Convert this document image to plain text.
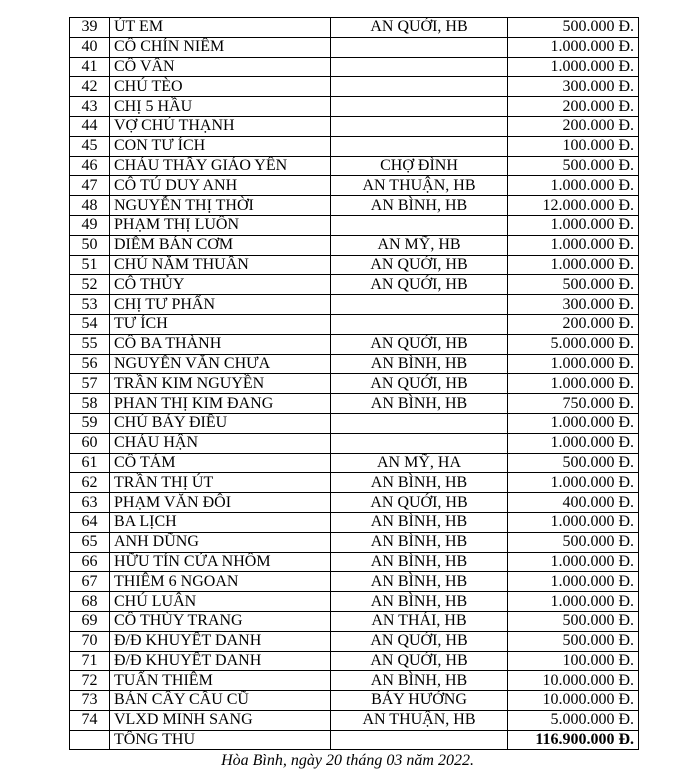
39	ÚT EM	AN QUỚI, HB	500.000 Đ.
40	CÔ CHÍN NIÊM		1.000.000 Đ.
41	CÔ VÂN		1.000.000 Đ.
42	CHÚ TÈO		300.000 Đ.
43	CHỊ 5 HẦU		200.000 Đ.
44	VỢ CHÚ THẠNH		200.000 Đ.
45	CON TƯ ÍCH		100.000 Đ.
46	CHÁU THẦY GIÁO YÊN	CHỢ ĐÌNH	500.000 Đ.
47	CÔ TÚ DUY ANH	AN THUẬN, HB	1.000.000 Đ.
48	NGUYỄN THỊ THỜI	AN BÌNH, HB	12.000.000 Đ.
49	PHẠM THỊ LUÔN		1.000.000 Đ.
50	DIỄM BÁN CƠM	AN MỸ, HB	1.000.000 Đ.
51	CHÚ NĂM THUẦN	AN QUỚI, HB	1.000.000 Đ.
52	CÔ THỦY	AN QUỚI, HB	500.000 Đ.
53	CHỊ TƯ PHẤN		300.000 Đ.
54	TƯ ÍCH		200.000 Đ.
55	CÔ BA THÀNH	AN QUỚI, HB	5.000.000 Đ.
56	NGUYỄN VĂN CHƯA	AN BÌNH, HB	1.000.000 Đ.
57	TRẦN KIM NGUYỀN	AN QUỚI, HB	1.000.000 Đ.
58	PHAN THỊ KIM ĐANG	AN BÌNH, HB	750.000 Đ.
59	CHÚ BẢY ĐIỀU		1.000.000 Đ.
60	CHÁU HẬN		1.000.000 Đ.
61	CÔ TÁM	AN MỸ, HA	500.000 Đ.
62	TRẦN THỊ ÚT	AN BÌNH, HB	1.000.000 Đ.
63	PHẠM VĂN ĐÔI	AN QUỚI, HB	400.000 Đ.
64	BA LỊCH	AN BÌNH, HB	1.000.000 Đ.
65	ANH DŨNG	AN BÌNH, HB	500.000 Đ.
66	HỮU TÍN CỬA NHÔM	AN BÌNH, HB	1.000.000 Đ.
67	THIÊM 6 NGOAN	AN BÌNH, HB	1.000.000 Đ.
68	CHÚ LUÂN	AN BÌNH, HB	1.000.000 Đ.
69	CÔ THÙY TRANG	AN THÁI, HB	500.000 Đ.
70	Đ/Đ KHUYẾT DANH	AN QUỚI, HB	500.000 Đ.
71	Đ/Đ KHUYẾT DANH	AN QUỚI, HB	100.000 Đ.
72	TUẤN THIÊM	AN BÌNH, HB	10.000.000 Đ.
73	BÁN CÂY CẦU CŨ	BẢY HƯỞNG	10.000.000 Đ.
74	VLXD MINH SANG	AN THUẬN, HB	5.000.000 Đ.
	TỔNG THU		116.900.000 Đ.
Hòa Bình, ngày 20 tháng 03 năm 2022.
